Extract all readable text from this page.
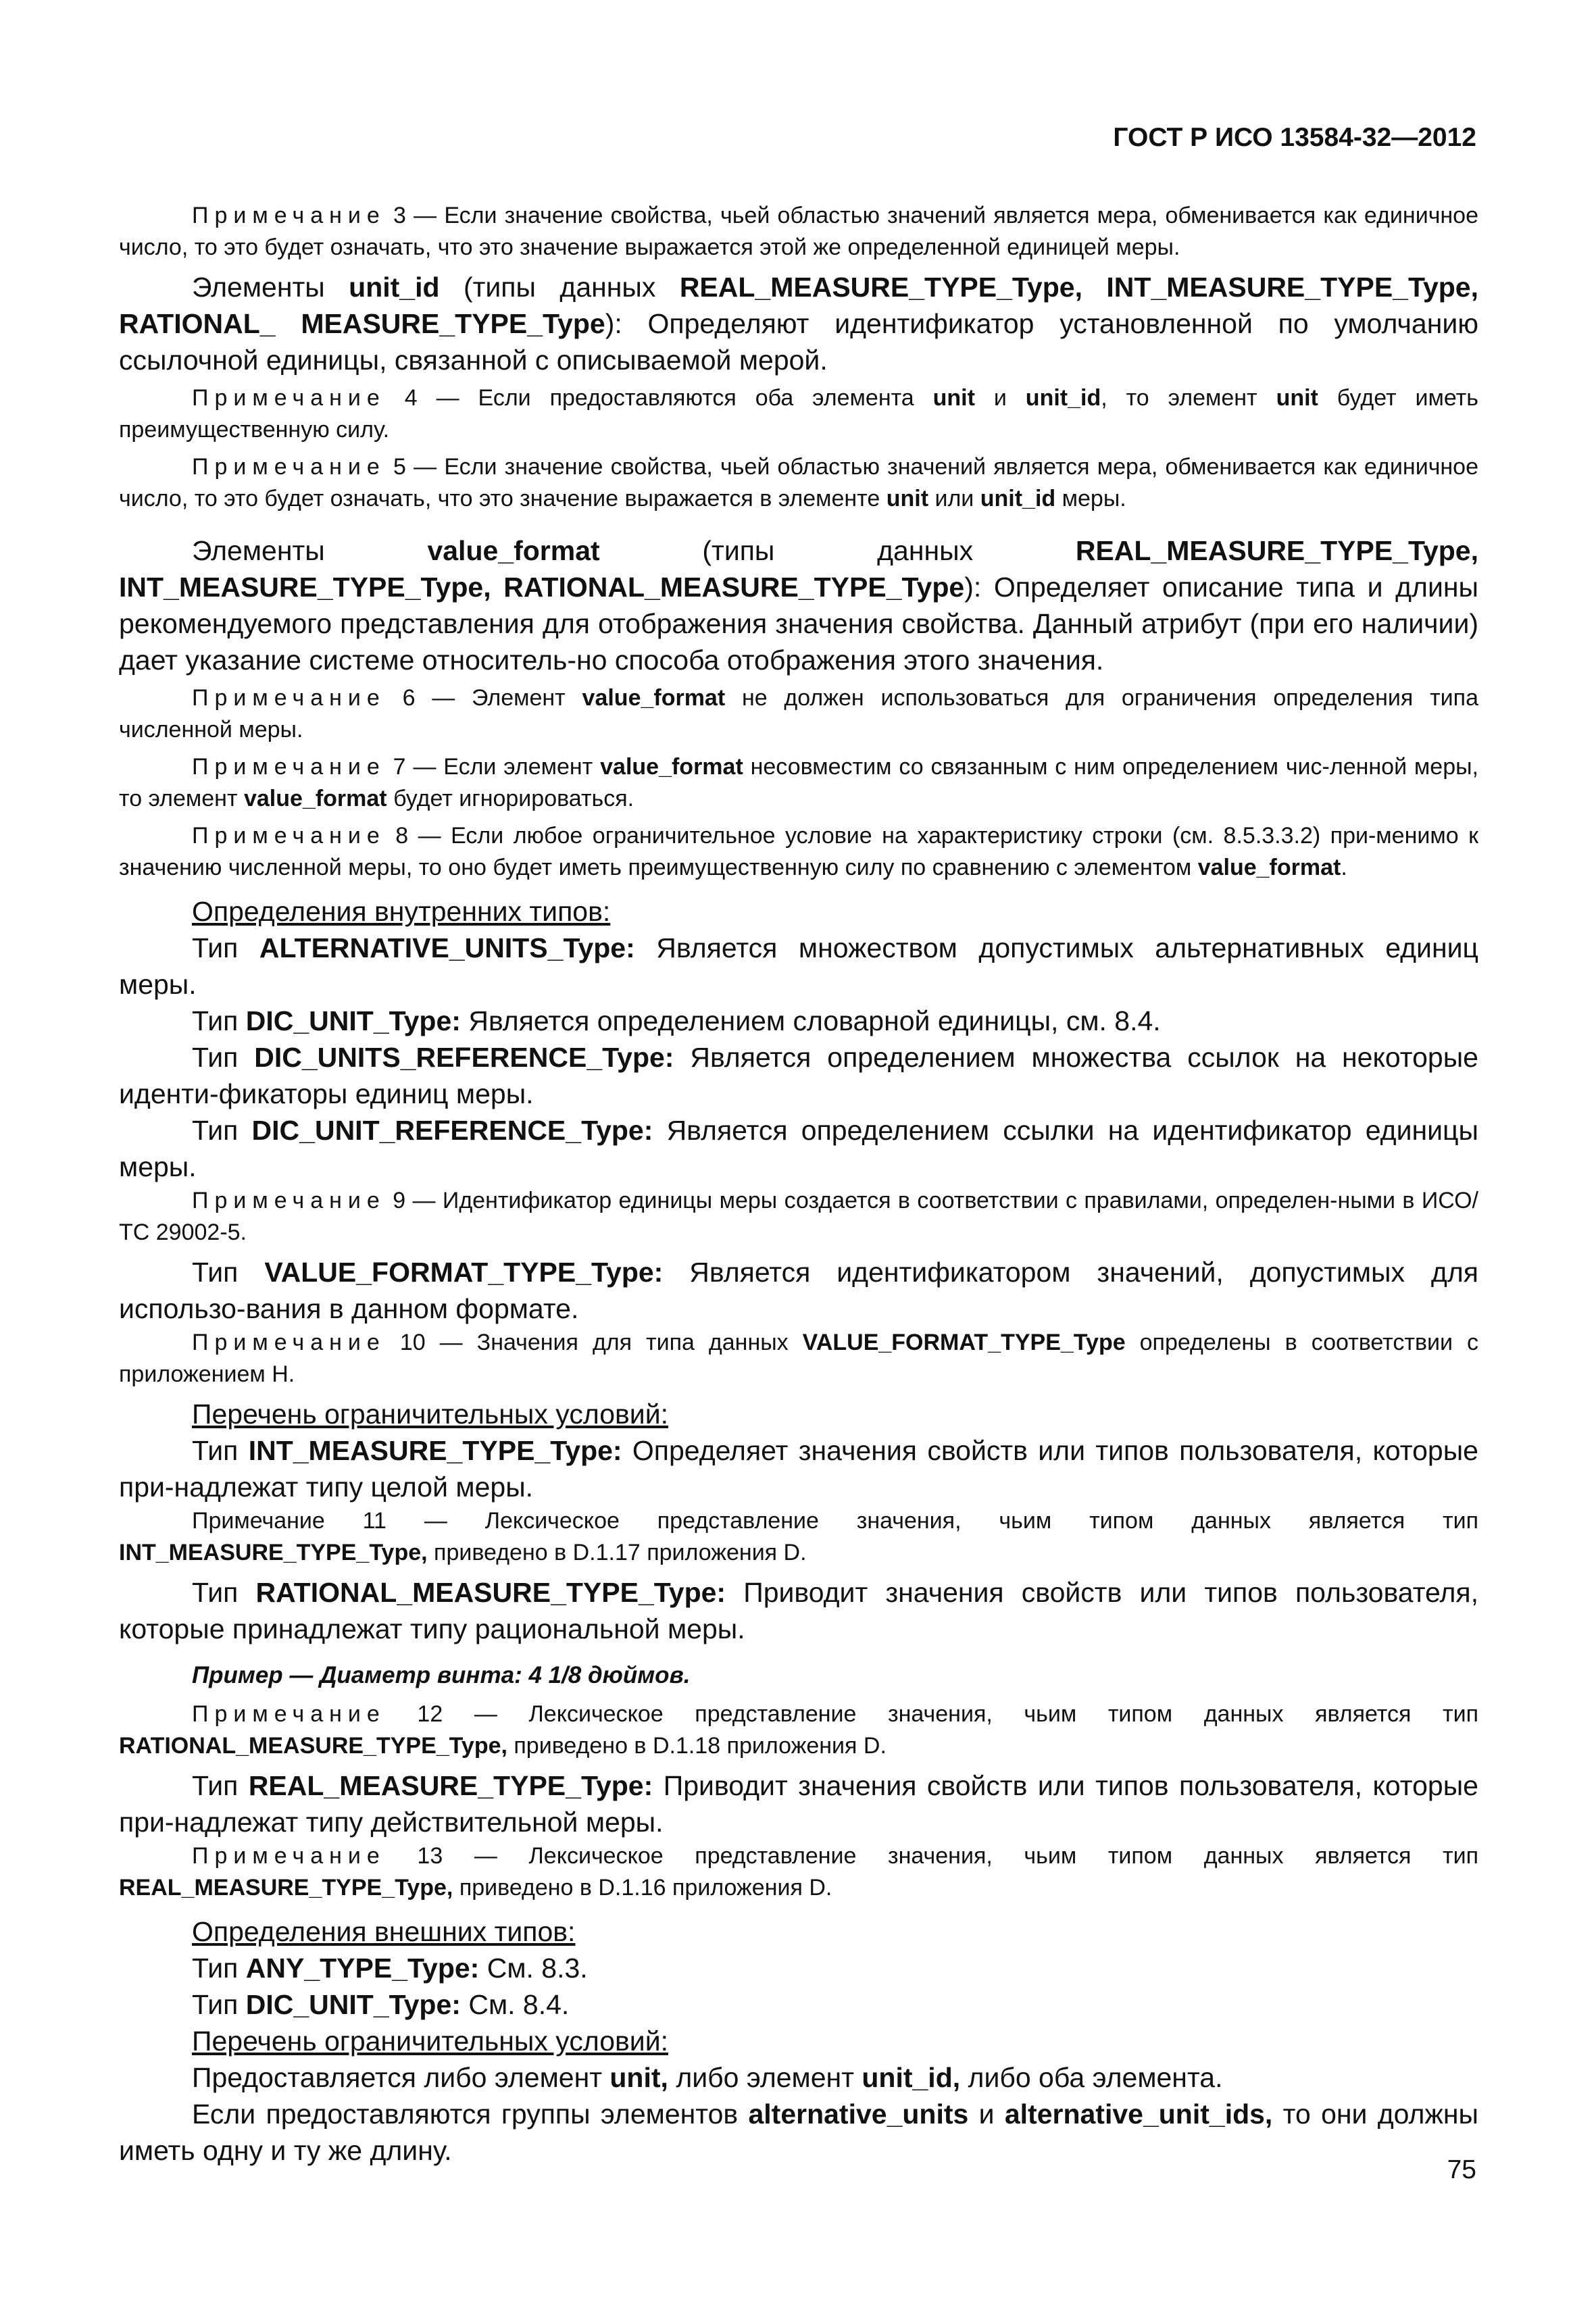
ГОСТ Р ИСО 13584-32—2012

Примечание 3 — Если значение свойства, чьей областью значений является мера, обменивается как единичное число, то это будет означать, что это значение выражается этой же определенной единицей меры.

Элементы unit_id (типы данных REAL_MEASURE_TYPE_Type, INT_MEASURE_TYPE_Type, RATIONAL_ MEASURE_TYPE_Type): Определяют идентификатор установленной по умолчанию ссылочной единицы, связанной с описываемой мерой.

Примечание 4 — Если предоставляются оба элемента unit и unit_id, то элемент unit будет иметь преимущественную силу.

Примечание 5 — Если значение свойства, чьей областью значений является мера, обменивается как единичное число, то это будет означать, что это значение выражается в элементе unit или unit_id меры.

Элементы value_format (типы данных REAL_MEASURE_TYPE_Type, INT_MEASURE_TYPE_Type, RATIONAL_MEASURE_TYPE_Type): Определяет описание типа и длины рекомендуемого представления для отображения значения свойства. Данный атрибут (при его наличии) дает указание системе относитель-но способа отображения этого значения.

Примечание 6 — Элемент value_format не должен использоваться для ограничения определения типа численной меры.

Примечание 7 — Если элемент value_format несовместим со связанным с ним определением чис-ленной меры, то элемент value_format будет игнорироваться.

Примечание 8 — Если любое ограничительное условие на характеристику строки (см. 8.5.3.3.2) при-менимо к значению численной меры, то оно будет иметь преимущественную силу по сравнению с элементом value_format.

Определения внутренних типов:

Тип ALTERNATIVE_UNITS_Type: Является множеством допустимых альтернативных единиц меры.

Тип DIC_UNIT_Type: Является определением словарной единицы, см. 8.4.

Тип DIC_UNITS_REFERENCE_Type: Является определением множества ссылок на некоторые иденти-фикаторы единиц меры.

Тип DIC_UNIT_REFERENCE_Type: Является определением ссылки на идентификатор единицы меры.

Примечание 9 — Идентификатор единицы меры создается в соответствии с правилами, определен-ными в ИСО/ТС 29002-5.

Тип VALUE_FORMAT_TYPE_Type: Является идентификатором значений, допустимых для использо-вания в данном формате.

Примечание 10 — Значения для типа данных VALUE_FORMAT_TYPE_Type определены в соответствии с приложением H.

Перечень ограничительных условий:

Тип INT_MEASURE_TYPE_Type: Определяет значения свойств или типов пользователя, которые при-надлежат типу целой меры.

Примечание 11 — Лексическое представление значения, чьим типом данных является тип INT_MEASURE_TYPE_Type, приведено в D.1.17 приложения D.

Тип RATIONAL_MEASURE_TYPE_Type: Приводит значения свойств или типов пользователя, которые принадлежат типу рациональной меры.

Пример — Диаметр винта: 4 1/8 дюймов.

Примечание 12 — Лексическое представление значения, чьим типом данных является тип RATIONAL_MEASURE_TYPE_Type, приведено в D.1.18 приложения D.

Тип REAL_MEASURE_TYPE_Type: Приводит значения свойств или типов пользователя, которые при-надлежат типу действительной меры.

Примечание 13 — Лексическое представление значения, чьим типом данных является тип REAL_MEASURE_TYPE_Type, приведено в D.1.16 приложения D.

Определения внешних типов:

Тип ANY_TYPE_Type: См. 8.3.

Тип DIC_UNIT_Type: См. 8.4.

Перечень ограничительных условий:

Предоставляется либо элемент unit, либо элемент unit_id, либо оба элемента.

Если предоставляются группы элементов alternative_units и alternative_unit_ids, то они должны иметь одну и ту же длину.

75
